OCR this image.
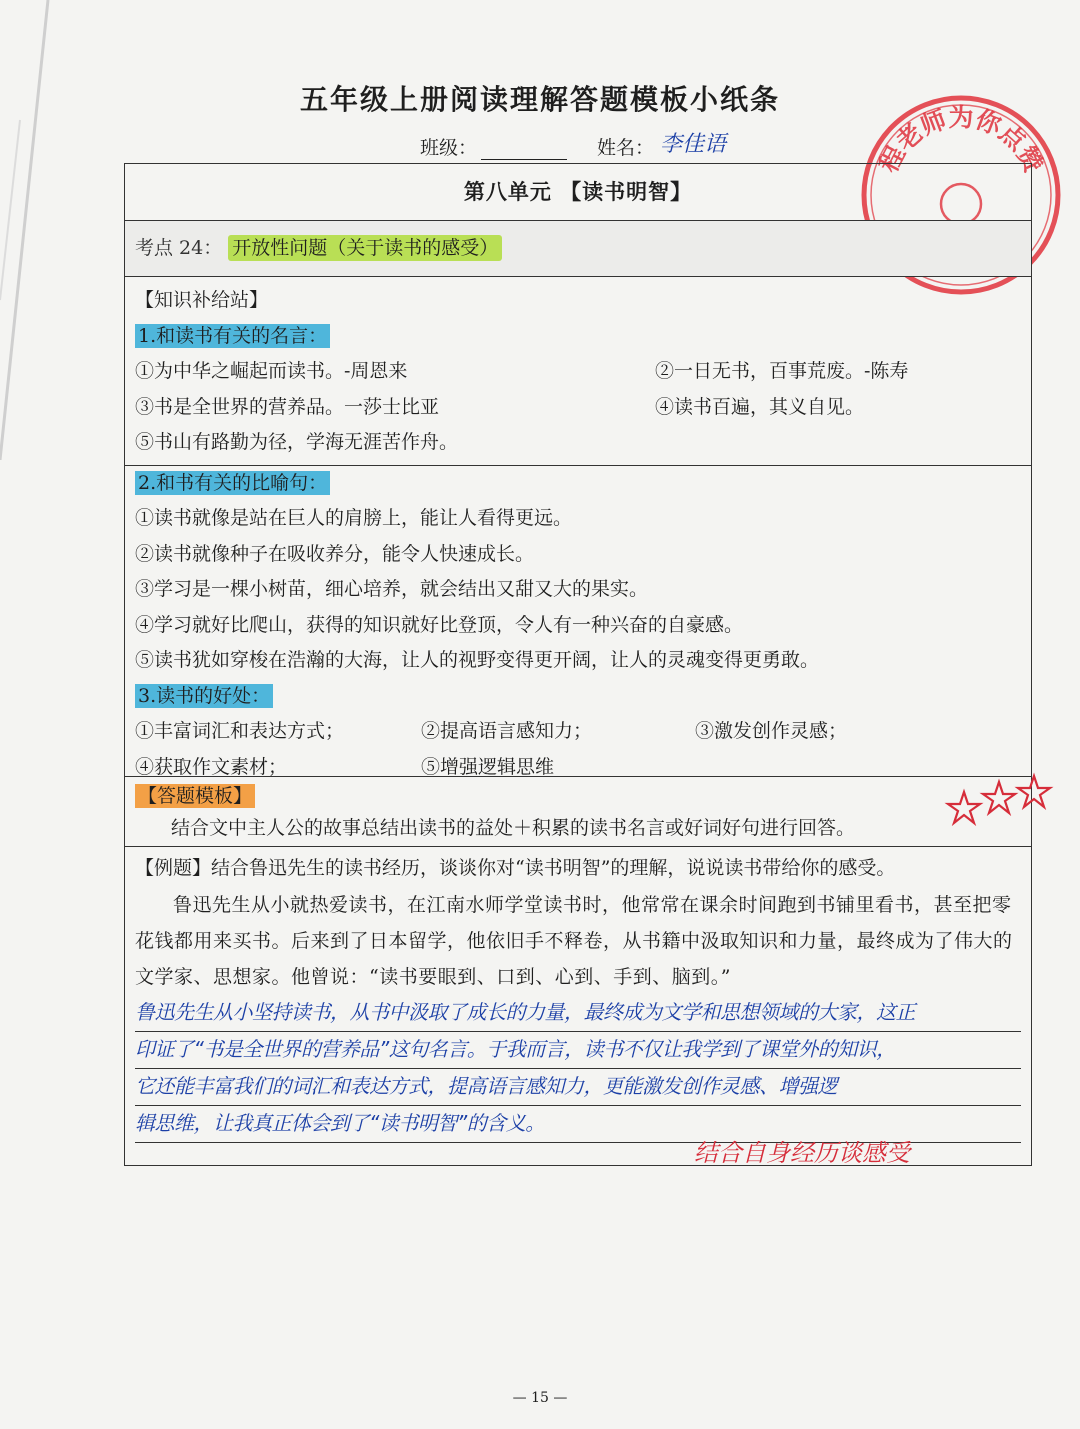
五年级上册阅读理解答题模板小纸条
班级：	姓名： 李佳语	程老师为你点赞
第八单元 【读书明智】
考点 24： 开放性问题（关于读书的感受）
【知识补给站】
1.和读书有关的名言：
①为中华之崛起而读书。-周恩来	②一日无书，百事荒废。-陈寿
③书是全世界的营养品。一莎士比亚	④读书百遍，其义自见。
⑤书山有路勤为径，学海无涯苦作舟。
2.和书有关的比喻句：
①读书就像是站在巨人的肩膀上，能让人看得更远。
②读书就像种子在吸收养分，能令人快速成长。
③学习是一棵小树苗，细心培养，就会结出又甜又大的果实。
④学习就好比爬山，获得的知识就好比登顶，令人有一种兴奋的自豪感。
⑤读书犹如穿梭在浩瀚的大海，让人的视野变得更开阔，让人的灵魂变得更勇敢。
3.读书的好处：
①丰富词汇和表达方式；	②提高语言感知力；	③激发创作灵感；
④获取作文素材；	⑤增强逻辑思维
【答题模板】
结合文中主人公的故事总结出读书的益处＋积累的读书名言或好词好句进行回答。
【例题】结合鲁迅先生的读书经历，谈谈你对“读书明智”的理解，说说读书带给你的感受。
鲁迅先生从小就热爱读书，在江南水师学堂读书时，他常常在课余时间跑到书铺里看书，甚至把零花钱都用来买书。后来到了日本留学，他依旧手不释卷，从书籍中汲取知识和力量，最终成为了伟大的文学家、思想家。他曾说：“读书要眼到、口到、心到、手到、脑到。”
鲁迅先生从小坚持读书，从书中汲取了成长的力量，最终成为文学和思想领域的大家，这正
印证了“书是全世界的营养品”这句名言。于我而言，读书不仅让我学到了课堂外的知识，
它还能丰富我们的词汇和表达方式，提高语言感知力，更能激发创作灵感、增强逻
辑思维，让我真正体会到了“读书明智”的含义。
结合自身经历谈感受
— 15 —
